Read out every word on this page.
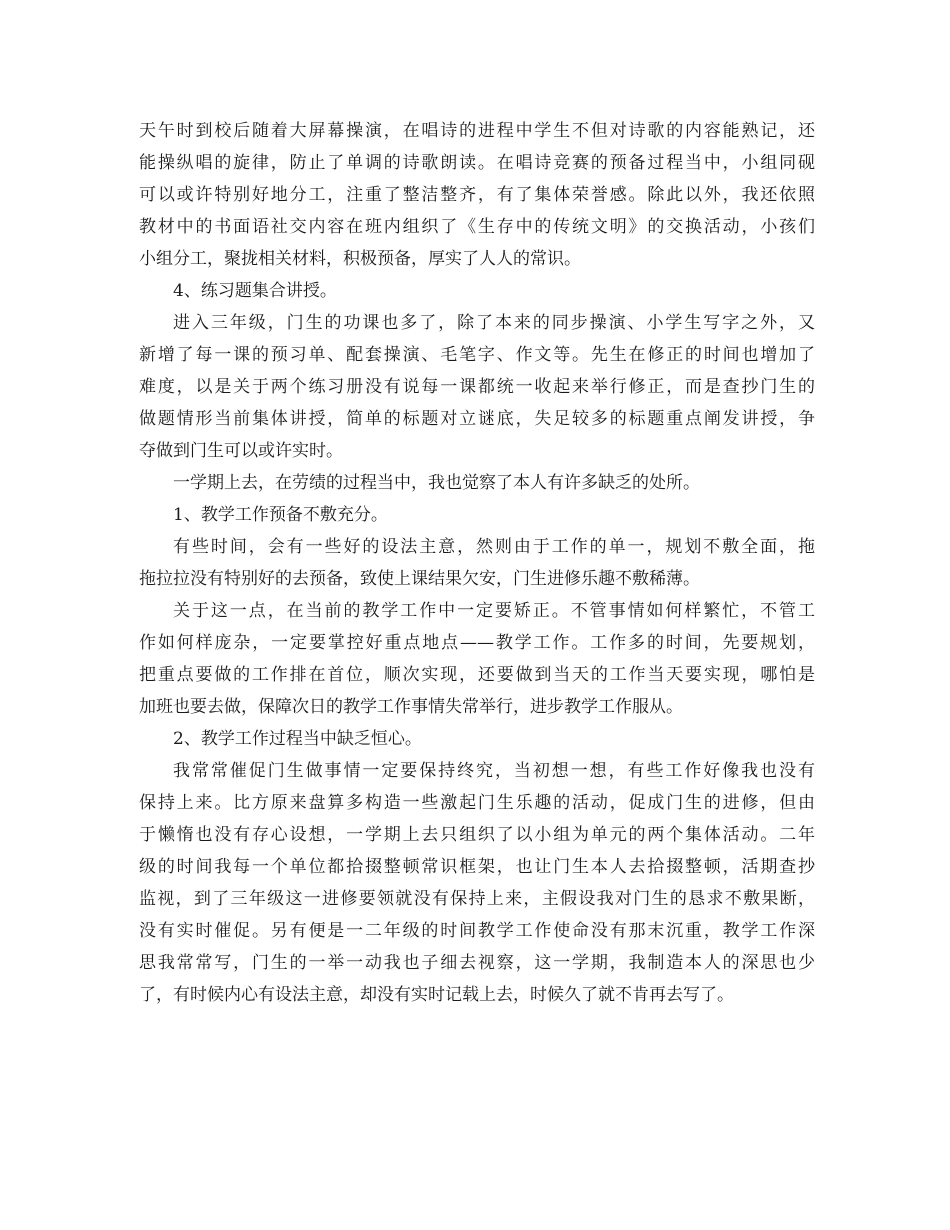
天午时到校后随着大屏幕操演，在唱诗的进程中学生不但对诗歌的内容能熟记，还
能操纵唱的旋律，防止了单调的诗歌朗读。在唱诗竞赛的预备过程当中，小组同砚
可以或许特别好地分工，注重了整洁整齐，有了集体荣誉感。除此以外，我还依照
教材中的书面语社交内容在班内组织了《生存中的传统文明》的交换活动，小孩们
小组分工，聚拢相关材料，积极预备，厚实了人人的常识。
4、练习题集合讲授。
进入三年级，门生的功课也多了，除了本来的同步操演、小学生写字之外，又
新增了每一课的预习单、配套操演、毛笔字、作文等。先生在修正的时间也增加了
难度，以是关于两个练习册没有说每一课都统一收起来举行修正，而是查抄门生的
做题情形当前集体讲授，简单的标题对立谜底，失足较多的标题重点阐发讲授，争
夺做到门生可以或许实时。
一学期上去，在劳绩的过程当中，我也觉察了本人有许多缺乏的处所。
1、教学工作预备不敷充分。
有些时间，会有一些好的设法主意，然则由于工作的单一，规划不敷全面，拖
拖拉拉没有特别好的去预备，致使上课结果欠安，门生进修乐趣不敷稀薄。
关于这一点，在当前的教学工作中一定要矫正。不管事情如何样繁忙，不管工
作如何样庞杂，一定要掌控好重点地点——教学工作。工作多的时间，先要规划，
把重点要做的工作排在首位，顺次实现，还要做到当天的工作当天要实现，哪怕是
加班也要去做，保障次日的教学工作事情失常举行，进步教学工作服从。
2、教学工作过程当中缺乏恒心。
我常常催促门生做事情一定要保持终究，当初想一想，有些工作好像我也没有
保持上来。比方原来盘算多构造一些激起门生乐趣的活动，促成门生的进修，但由
于懒惰也没有存心设想，一学期上去只组织了以小组为单元的两个集体活动。二年
级的时间我每一个单位都拾掇整顿常识框架，也让门生本人去拾掇整顿，活期查抄
监视，到了三年级这一进修要领就没有保持上来，主假设我对门生的恳求不敷果断，
没有实时催促。另有便是一二年级的时间教学工作使命没有那末沉重，教学工作深
思我常常写，门生的一举一动我也子细去视察，这一学期，我制造本人的深思也少
了，有时候内心有设法主意，却没有实时记载上去，时候久了就不肯再去写了。
